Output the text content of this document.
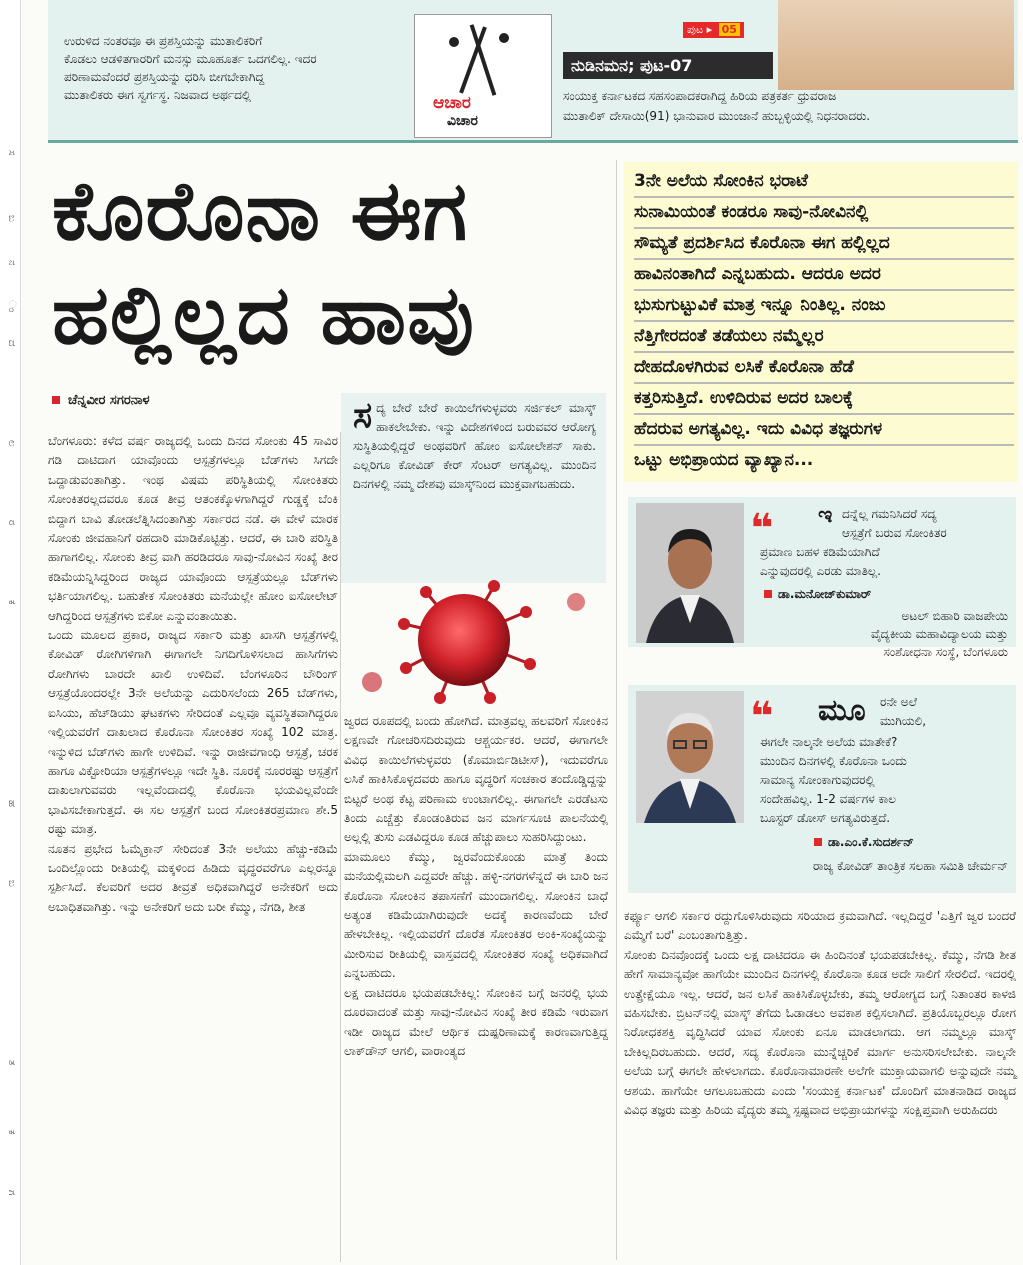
ಸ
ಬ
ನ
ಂ
ದ
ಲ
ರ
ಕ
ಹ
ಬ
ತ
ಕ
ಗ

ಉರುಳಿದ ನಂತರವೂ ಈ ಪ್ರಶಸ್ತಿಯನ್ನು ಮುತಾಲಿಕರಿಗೆ

ಕೊಡಲು ಆಡಳಿತಗಾರರಿಗೆ ಮನಸ್ಸು ಮೂಹೂರ್ತ ಒದಗಲಿಲ್ಲ. ಇದರ

ಪರಿಣಾಮವೆಂದರೆ ಪ್ರಶಸ್ತಿಯನ್ನು ಧರಿಸಿ ಬೀಗಬೇಕಾಗಿದ್ದ

ಮುತಾಲಿಕರು ಈಗ ಸ್ವರ್ಗಸ್ಥ. ನಿಜವಾದ ಅರ್ಥದಲ್ಲಿ	ಆಚಾರ
ವಿಚಾರ
ಪುಟ ▸ 05
ನುಡಿನಮನ; ಪುಟ-07

ಸಂಯುಕ್ತ ಕರ್ನಾಟಕದ ಸಹಸಂಪಾದಕರಾಗಿದ್ದ ಹಿರಿಯ ಪತ್ರಕರ್ತ ಧ್ರುವರಾಜ

ಮುತಾಲಿಕ್ ದೇಸಾಯಿ(91) ಭಾನುವಾರ ಮುಂಜಾನೆ ಹುಬ್ಬಳ್ಳಿಯಲ್ಲಿ ನಿಧನರಾದರು.

ಕೊರೊನಾ ಈಗ
ಹಲ್ಲಿಲ್ಲದ ಹಾವು
ಚೆನ್ನವೀರ ಸಗರನಾಳ

ಬೆಂಗಳೂರು: ಕಳೆದ ವರ್ಷ ರಾಜ್ಯದಲ್ಲಿ ಒಂದು ದಿನದ ಸೋಂಕು 45 ಸಾವಿರ ಗಡಿ ದಾಟಿದಾಗ ಯಾವೊಂದು ಆಸ್ಪತ್ರೆಗಳಲ್ಲೂ ಬೆಡ್‌ಗಳು ಸಿಗದೇ ಒದ್ದಾಡುವಂತಾಗಿತ್ತು. ಇಂಥ ವಿಷಮ ಪರಿಸ್ಥಿತಿಯಲ್ಲಿ ಸೋಂಕಿತರು ಸೋಂಕಿತರಲ್ಲದವರೂ ಕೂಡ ತೀವ್ರ ಆತಂಕಕ್ಕೊಳಗಾಗಿದ್ದರೆ ಗುಡ್ಡಕ್ಕೆ ಬೆಂಕಿ ಬಿದ್ದಾಗ ಬಾವಿ ತೋಡಲೆತ್ನಿಸಿದಂತಾಗಿತ್ತು ಸರ್ಕಾರದ ನಡೆ. ಈ ವೇಳೆ ಮಾರಕ ಸೋಂಕು ಜೀವಹಾನಿಗೆ ರಹದಾರಿ ಮಾಡಿಕೊಟ್ಟಿತ್ತು. ಆದರೆ, ಈ ಬಾರಿ ಪರಿಸ್ಥಿತಿ ಹಾಗಾಗಲಿಲ್ಲ. ಸೋಂಕು ತೀವ್ರ ವಾಗಿ ಹರಡಿದರೂ ಸಾವು-ನೋವಿನ ಸಂಖ್ಯೆ ತೀರ ಕಡಿಮೆಯನ್ನಿಸಿದ್ದರಿಂದ ರಾಜ್ಯದ ಯಾವೊಂದು ಆಸ್ಪತ್ರೆಯಲ್ಲೂ ಬೆಡ್‌ಗಳು ಭರ್ತಿಯಾಗಲಿಲ್ಲ. ಬಹುತೇಕ ಸೋಂಕಿತರು ಮನೆಯಲ್ಲೇ ಹೋಂ ಐಸೋಲೇಟ್ ಆಗಿದ್ದರಿಂದ ಆಸ್ಪತ್ರೆಗಳು ಬಿಕೋ ಎನ್ನುವಂತಾಯಿತು.

ಒಂದು ಮೂಲದ ಪ್ರಕಾರ, ರಾಜ್ಯದ ಸರ್ಕಾರಿ ಮತ್ತು ಖಾಸಗಿ ಆಸ್ಪತ್ರೆಗಳಲ್ಲಿ ಕೋವಿಡ್ ರೋಗಿಗಳಿಗಾಗಿ ಈಗಾಗಲೇ ನಿಗದಿಗೊಳಿಸಲಾದ ಹಾಸಿಗೆಗಳು ರೋಗಿಗಳು ಬಾರದೇ ಖಾಲಿ ಉಳಿದಿವೆ. ಬೆಂಗಳೂರಿನ ಬೌರಿಂಗ್ ಆಸ್ಪತ್ರೆಯೊಂದರಲ್ಲೇ 3ನೇ ಅಲೆಯನ್ನು ಎದುರಿಸಲೆಂದು 265 ಬೆಡ್‌ಗಳು, ಐಸಿಯು, ಹೆಚ್‌ಡಿಯು ಘಟಕಗಳು ಸೇರಿದಂತೆ ಎಲ್ಲವೂ ವ್ಯವಸ್ಥಿತವಾಗಿದ್ದರೂ ಇಲ್ಲಿಯವರೆಗೆ ದಾಖಲಾದ ಕೊರೊನಾ ಸೋಂಕಿತರ ಸಂಖ್ಯೆ 102 ಮಾತ್ರ. ಇನ್ನುಳಿದ ಬೆಡ್‌ಗಳು ಹಾಗೇ ಉಳಿದಿವೆ. ಇನ್ನು ರಾಜೀವಗಾಂಧಿ ಆಸ್ಪತ್ರೆ, ಚರಕ ಹಾಗೂ ವಿಕ್ಟೋರಿಯಾ ಆಸ್ಪತ್ರೆಗಳಲ್ಲೂ ಇದೇ ಸ್ಥಿತಿ. ನೂರಕ್ಕೆ ನೂರರಷ್ಟು ಆಸ್ಪತ್ರೆಗೆ ದಾಖಲಾಗುವವರು ಇಲ್ಲವೆಂದಾದಲ್ಲಿ ಕೊರೊನಾ ಭಯವಿಲ್ಲವೆಂದೇ ಭಾವಿಸಬೇಕಾಗುತ್ತದೆ. ಈ ಸಲ ಆಸ್ಪತ್ರೆಗೆ ಬಂದ ಸೋಂಕಿತರಪ್ರಮಾಣ ಶೇ.5 ರಷ್ಟು ಮಾತ್ರ.

ನೂತನ ಪ್ರಭೇದ ಓಮೈಕ್ರಾನ್ ಸೇರಿದಂತೆ 3ನೇ ಅಲೆಯು ಹೆಚ್ಚು-ಕಡಿಮೆ ಒಂದಿಲ್ಲೊಂದು ರೀತಿಯಲ್ಲಿ ಮಕ್ಕಳಿಂದ ಹಿಡಿದು ವೃದ್ಧರವರೆಗೂ ಎಲ್ಲರನ್ನೂ ಸ್ಪರ್ಶಿಸಿದೆ. ಕೆಲವರಿಗೆ ಅದರ ತೀವ್ರತೆ ಅಧಿಕವಾಗಿದ್ದರೆ ಅನೇಕರಿಗೆ ಅದು ಅಬಾಧಿತವಾಗಿತ್ತು. ಇನ್ನು ಅನೇಕರಿಗೆ ಅದು ಬರೀ ಕೆಮ್ಮು, ನೆಗಡಿ, ಶೀತ

ಸದ್ಯ ಬೇರೆ ಬೇರೆ ಕಾಯಿಲೆಗಳುಳ್ಳವರು ಸರ್ಜಿಕಲ್ ಮಾಸ್ಕ್ ಹಾಕಲೇಬೇಕು. ಇನ್ನು ವಿದೇಶಗಳಿಂದ ಬರುವವರ ಆರೋಗ್ಯ ಸುಸ್ಥಿತಿಯಲ್ಲಿದ್ದರೆ ಅಂಥವರಿಗೆ ಹೋಂ ಐಸೋಲೇಶನ್ ಸಾಕು. ಎಲ್ಲರಿಗೂ ಕೋವಿಡ್ ಕೇರ್ ಸೆಂಟರ್ ಅಗತ್ಯವಿಲ್ಲ. ಮುಂದಿನ ದಿನಗಳಲ್ಲಿ ನಮ್ಮ ದೇಶವು ಮಾಸ್ಕ್‌ನಿಂದ ಮುಕ್ತವಾಗಬಹುದು.

ಜ್ವರದ ರೂಪದಲ್ಲಿ ಬಂದು ಹೋಗಿದೆ. ಮಾತ್ರವಲ್ಲ ಹಲವರಿಗೆ ಸೋಂಕಿನ ಲಕ್ಷಣವೇ ಗೋಚರಿಸದಿರುವುದು ಆಶ್ಚರ್ಯಕರ. ಆದರೆ, ಈಗಾಗಲೇ ವಿವಿಧ ಕಾಯಿಲೆಗಳುಳ್ಳವರು (ಕೊಮಾರ್ಬಿಡಿಟೀಸ್), ಇದುವರೆಗೂ ಲಸಿಕೆ ಹಾಕಿಸಿಕೊಳ್ಳದವರು ಹಾಗೂ ವೃದ್ಧರಿಗೆ ಸಂಚಕಾರ ತಂದೊಡ್ಡಿದ್ದನ್ನು ಬಿಟ್ಟರೆ ಅಂಥ ಕೆಟ್ಟ ಪರಿಣಾಮ ಉಂಟಾಗಲಿಲ್ಲ. ಈಗಾಗಲೇ ಎರಡೆಟಸು ತಿಂದು ಎಚ್ಚೆತ್ತು ಕೊಂಡಂತಿರುವ ಜನ ಮಾರ್ಗಸೂಚಿ ಪಾಲನೆಯಲ್ಲಿ ಅಲ್ಲಲ್ಲಿ ತುಸು ಎಡವಿದ್ದರೂ ಕೂಡ ಹೆಚ್ಚುಪಾಲು ಸುಹರಿಸಿದ್ದುಂಟು.

ಮಾಮೂಲು ಕೆಮ್ಮು, ಜ್ವರವೆಂದುಕೊಂಡು ಮಾತ್ರೆ ತಿಂದು ಮನೆಯಲ್ಲಿಮಲಗಿ ಎದ್ದವರೇ ಹೆಚ್ಚು. ಹಳ್ಳಿ-ನಗರಗಳೆನ್ನದೆ ಈ ಬಾರಿ ಜನ ಕೊರೊನಾ ಸೋಂಕಿನ ತಪಾಸಣೆಗೆ ಮುಂದಾಗಲಿಲ್ಲ. ಸೋಂಕಿನ ಬಾಧೆ ಅತ್ಯಂತ ಕಡಿಮೆಯಾಗಿರುವುದೇ ಅದಕ್ಕೆ ಕಾರಣವೆಂದು ಬೇರೆ ಹೇಳಬೇಕಿಲ್ಲ. ಇಲ್ಲಿಯವರೆಗೆ ದೊರೆತ ಸೋಂಕಿತರ ಅಂಕಿ-ಸಂಖ್ಯೆಯನ್ನು ಮೀರಿಸುವ ರೀತಿಯಲ್ಲಿ ವಾಸ್ತವದಲ್ಲಿ ಸೋಂಕಿತರ ಸಂಖ್ಯೆ ಅಧಿಕವಾಗಿದೆ ಎನ್ನಬಹುದು.

ಲಕ್ಷ ದಾಟಿದರೂ ಭಯಪಡಬೇಕಿಲ್ಲ: ಸೋಂಕಿನ ಬಗ್ಗೆ ಜನರಲ್ಲಿ ಭಯ ದೂರವಾದಂತೆ ಮತ್ತು ಸಾವು-ನೋವಿನ ಸಂಖ್ಯೆ ತೀರ ಕಡಿಮೆ ಇರುವಾಗ ಇಡೀ ರಾಜ್ಯದ ಮೇಲೆ ಆರ್ಥಿಕ ದುಷ್ಪರಿಣಾಮಕ್ಕೆ ಕಾರಣವಾಗುತ್ತಿದ್ದ ಲಾಕ್‌ಡೌನ್ ಆಗಲಿ, ವಾರಾಂತ್ಯದ

3ನೇ ಅಲೆಯ ಸೋಂಕಿನ ಭರಾಟೆ
ಸುನಾಮಿಯಂತೆ ಕಂಡರೂ ಸಾವು-ನೋವಿನಲ್ಲಿ
ಸೌಮ್ಯತೆ ಪ್ರದರ್ಶಿಸಿದ ಕೊರೊನಾ ಈಗ ಹಲ್ಲಿಲ್ಲದ
ಹಾವಿನಂತಾಗಿದೆ ಎನ್ನಬಹುದು. ಆದರೂ ಅದರ
ಭುಸುಗುಟ್ಟುವಿಕೆ ಮಾತ್ರ ಇನ್ನೂ ನಿಂತಿಲ್ಲ. ನಂಜು
ನೆತ್ತಿಗೇರದಂತೆ ತಡೆಯಲು ನಮ್ಮೆಲ್ಲರ
ದೇಹದೊಳಗಿರುವ ಲಸಿಕೆ ಕೊರೊನಾ ಹೆಡೆ
ಕತ್ತರಿಸುತ್ತಿದೆ. ಉಳಿದಿರುವ ಅದರ ಬಾಲಕ್ಕೆ
ಹೆದರುವ ಅಗತ್ಯವಿಲ್ಲ. ಇದು ವಿವಿಧ ತಜ್ಞರುಗಳ
ಒಟ್ಟು ಅಭಿಪ್ರಾಯದ ವ್ಯಾಖ್ಯಾನ...
❝ ಇ ದನ್ನೆಲ್ಲ ಗಮನಿಸಿದರೆ ಸದ್ಯ
ಆಸ್ಪತ್ರೆಗೆ ಬರುವ ಸೋಂಕಿತರ
ಪ್ರಮಾಣ ಬಹಳ ಕಡಿಮೆಯಾಗಿದೆ
ಎನ್ನುವುದರಲ್ಲಿ ಎರಡು ಮಾತಿಲ್ಲ.
ಡಾ.ಮನೋಜ್‌ಕುಮಾರ್
ಅಟಲ್ ಬಿಹಾರಿ ವಾಜಪೇಯಿ
ವೈದ್ಯಕೀಯ ಮಹಾವಿದ್ಯಾಲಯ ಮತ್ತು
ಸಂಶೋಧನಾ ಸಂಸ್ಥೆ, ಬೆಂಗಳೂರು
❝ ಮೂ ರನೇ ಅಲೆ
ಮುಗಿಯಲಿ,
ಈಗಲೇ ನಾಲ್ಕನೇ ಅಲೆಯ ಮಾತೇಕೆ?
ಮುಂದಿನ ದಿನಗಳಲ್ಲಿ ಕೊರೊನಾ ಒಂದು
ಸಾಮಾನ್ಯ ಸೋಂಕಾಗುವುದರಲ್ಲಿ
ಸಂದೇಹವಿಲ್ಲ. 1-2 ವರ್ಷಗಳ ಕಾಲ
ಬೂಸ್ಟರ್ ಡೋಸ್ ಅಗತ್ಯವಿರುತ್ತದೆ.
ಡಾ.ಎಂ.ಕೆ.ಸುದರ್ಶನ್
ರಾಜ್ಯ ಕೋವಿಡ್ ತಾಂತ್ರಿಕ ಸಲಹಾ ಸಮಿತಿ ಚೇರ್ಮನ್

ಕರ್ಫ್ಯೂ ಆಗಲಿ ಸರ್ಕಾರ ರದ್ದುಗೊಳಿಸಿರುವುದು ಸರಿಯಾದ ಕ್ರಮವಾಗಿದೆ. ಇಲ್ಲದಿದ್ದರೆ 'ಎತ್ತಿಗೆ ಜ್ವರ ಬಂದರೆ ಎಮ್ಮೆಗೆ ಬರೆ' ಎಂಬಂತಾಗುತ್ತಿತ್ತು.

ಸೋಂಕು ದಿನವೊಂದಕ್ಕೆ ಒಂದು ಲಕ್ಷ ದಾಟಿದರೂ ಈ ಹಿಂದಿನಂತೆ ಭಯಪಡಬೇಕಿಲ್ಲ. ಕೆಮ್ಮು, ನೆಗಡಿ ಶೀತ ಹೇಗೆ ಸಾಮಾನ್ಯವೋ ಹಾಗೆಯೇ ಮುಂದಿನ ದಿನಗಳಲ್ಲಿ ಕೊರೊನಾ ಕೂಡ ಅದೇ ಸಾಲಿಗೆ ಸೇರಲಿದೆ. ಇದರಲ್ಲಿ ಉತ್ಪ್ರೇಕ್ಷೆಯೂ ಇಲ್ಲ. ಆದರೆ, ಜನ ಲಸಿಕೆ ಹಾಕಿಸಿಕೊಳ್ಳಬೇಕು, ತಮ್ಮ ಆರೋಗ್ಯದ ಬಗ್ಗೆ ನಿತಾಂತರ ಕಾಳಜಿ ವಹಿಸಬೇಕು. ಬ್ರಿಟನ್‌ನಲ್ಲಿ ಮಾಸ್ಕ್ ತೆಗೆದು ಓಡಾಡಲು ಅವಕಾಶ ಕಲ್ಪಿಸಲಾಗಿದೆ. ಪ್ರತಿಯೊಬ್ಬರಲ್ಲೂ ರೋಗ ನಿರೋಧಕಶಕ್ತಿ ವೃದ್ಧಿಸಿದರೆ ಯಾವ ಸೋಂಕು ಏನೂ ಮಾಡಲಾಗದು. ಆಗ ನಮ್ಮಲ್ಲೂ ಮಾಸ್ಕ್ ಬೇಕಿಲ್ಲದಿರಬಹುದು. ಆದರೆ, ಸದ್ಯ ಕೊರೊನಾ ಮುನ್ನೆಚ್ಚರಿಕೆ ಮಾರ್ಗ ಅನುಸರಿಸಲೇಬೇಕು. ನಾಲ್ಕನೇ ಅಲೆಯ ಬಗ್ಗೆ ಈಗಲೇ ಹೇಳಲಾಗದು. ಕೊರೊನಾಮಾರಣೇ ಅಲೆಗೇ ಮುಕ್ತಾಯವಾಗಲಿ ಅನ್ನುವುದೇ ನಮ್ಮ ಆಶಯ. ಹಾಗೆಯೇ ಆಗಲೂಬಹುದು ಎಂದು 'ಸಂಯುಕ್ತ ಕರ್ನಾಟಕ' ದೊಂದಿಗೆ ಮಾತನಾಡಿದ ರಾಜ್ಯದ ವಿವಿಧ ತಜ್ಞರು ಮತ್ತು ಹಿರಿಯ ವೈದ್ಯರು ತಮ್ಮ ಸ್ಪಷ್ಟವಾದ ಅಭಿಪ್ರಾಯಗಳನ್ನು ಸಂಕ್ಷಿಪ್ತವಾಗಿ ಅರುಹಿದರು
